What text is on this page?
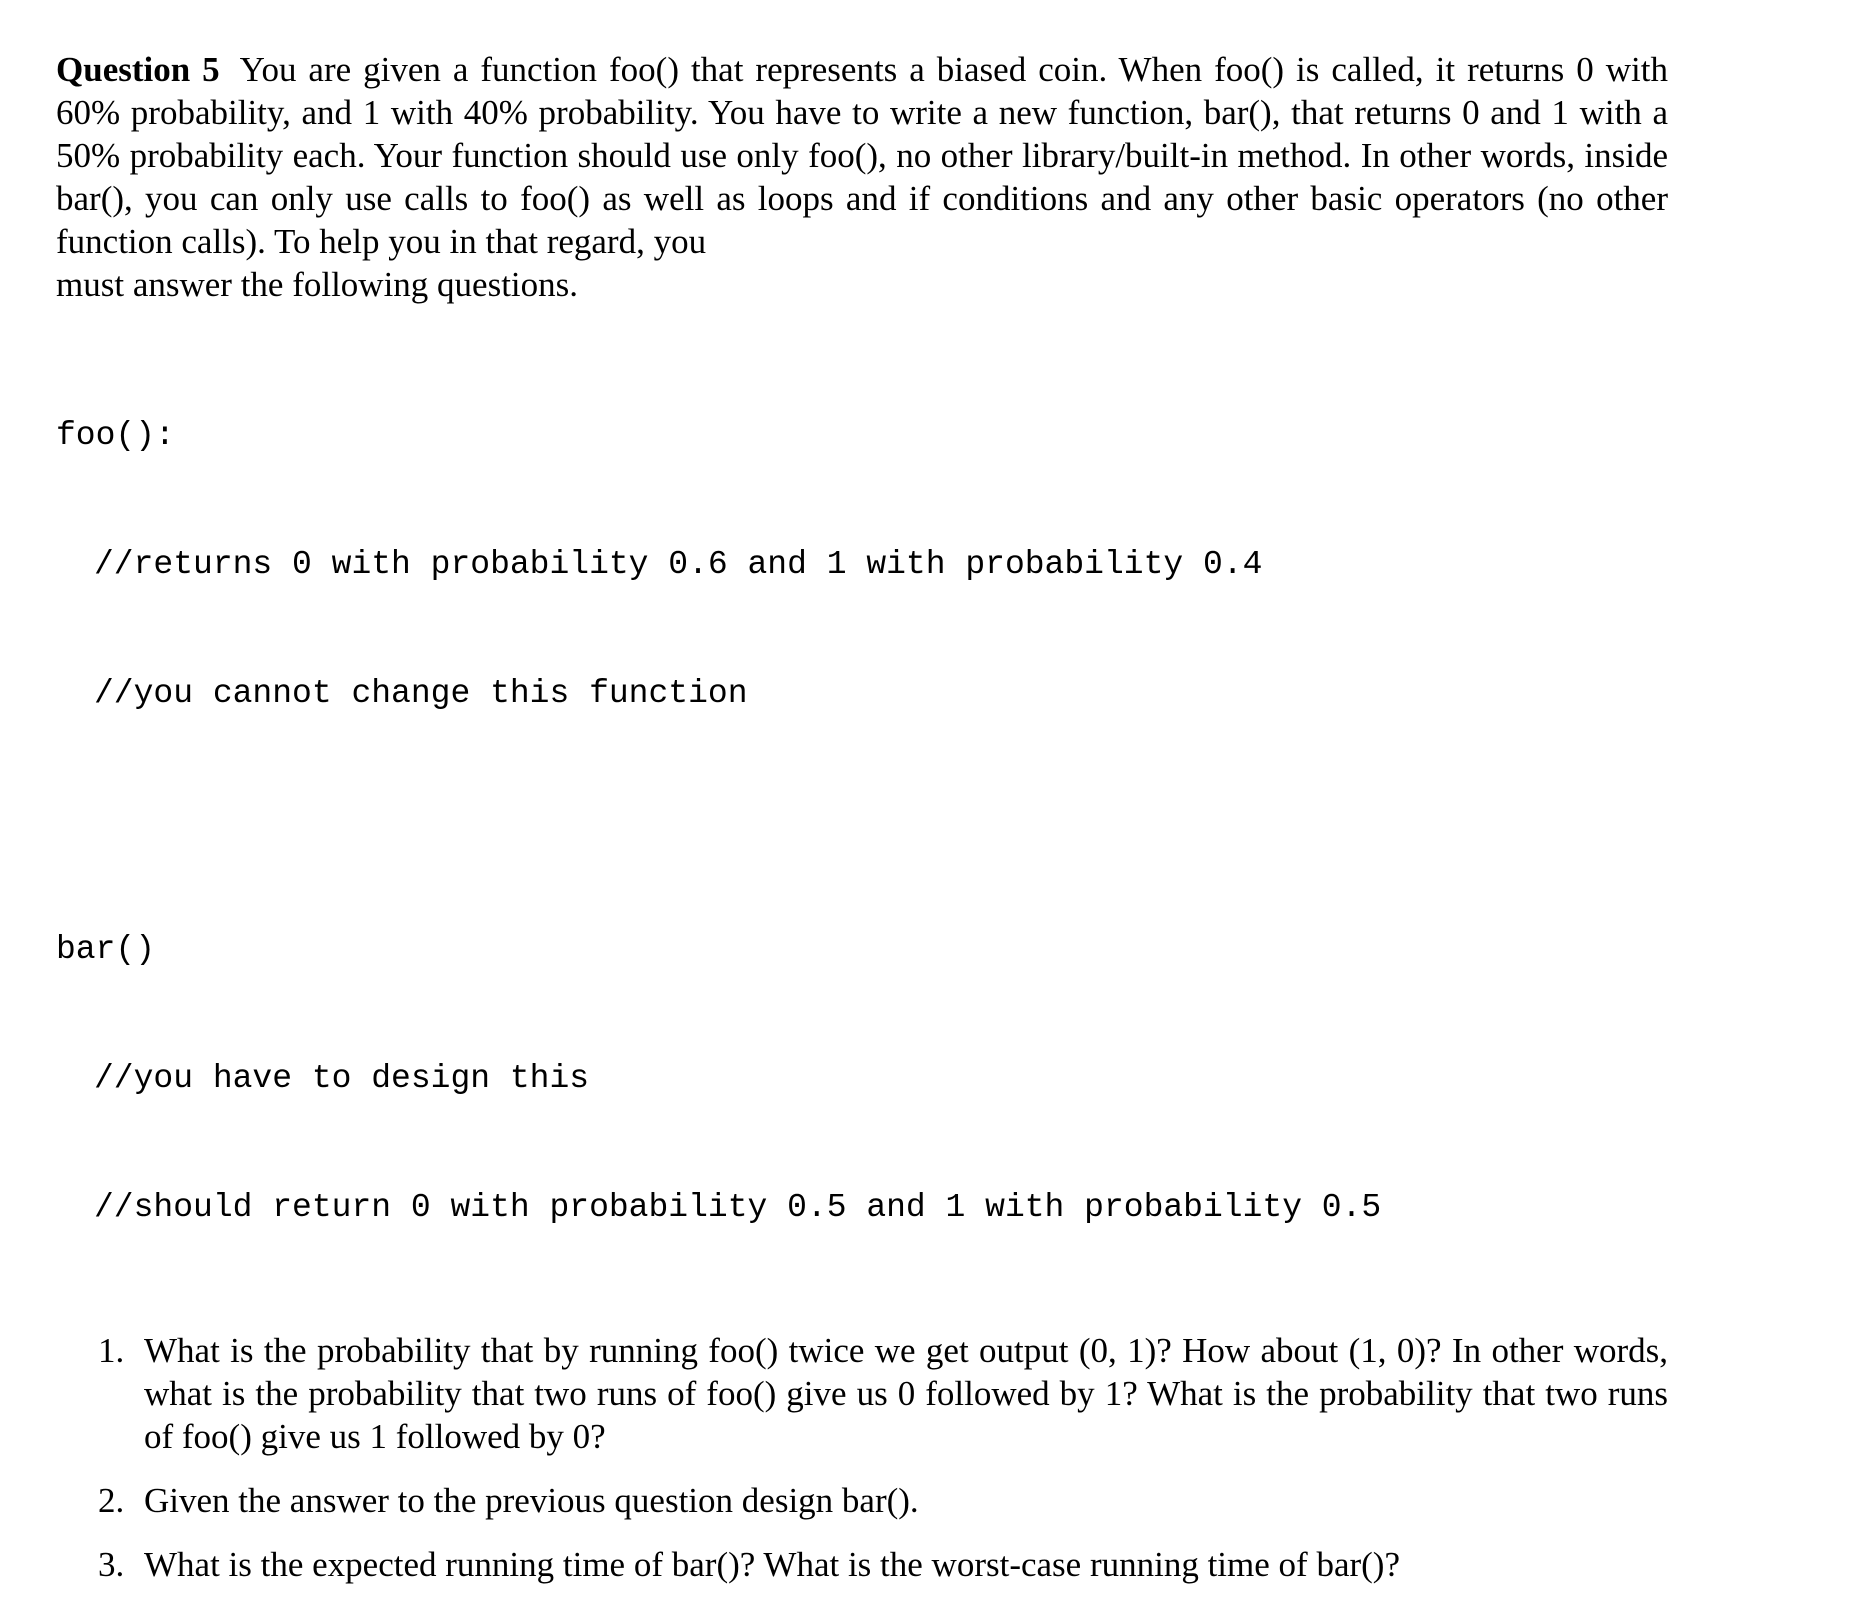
Question 5 You are given a function foo() that represents a biased coin. When foo() is called, it returns 0 with 60% probability, and 1 with 40% probability. You have to write a new function, bar(), that returns 0 and 1 with a 50% probability each. Your function should use only foo(), no other library/built-in method. In other words, inside bar(), you can only use calls to foo() as well as loops and if conditions and any other basic operators (no other function calls). To help you in that regard, you
must answer the following questions.

foo():

//returns 0 with probability 0.6 and 1 with probability 0.4

//you cannot change this function

bar()

//you have to design this

//should return 0 with probability 0.5 and 1 with probability 0.5

1. What is the probability that by running foo() twice we get output (0, 1)? How about (1, 0)? In other words, what is the probability that two runs of foo() give us 0 followed by 1? What is the probability that two runs of foo() give us 1 followed by 0?
2. Given the answer to the previous question design bar().
3. What is the expected running time of bar()? What is the worst-case running time of bar()?
